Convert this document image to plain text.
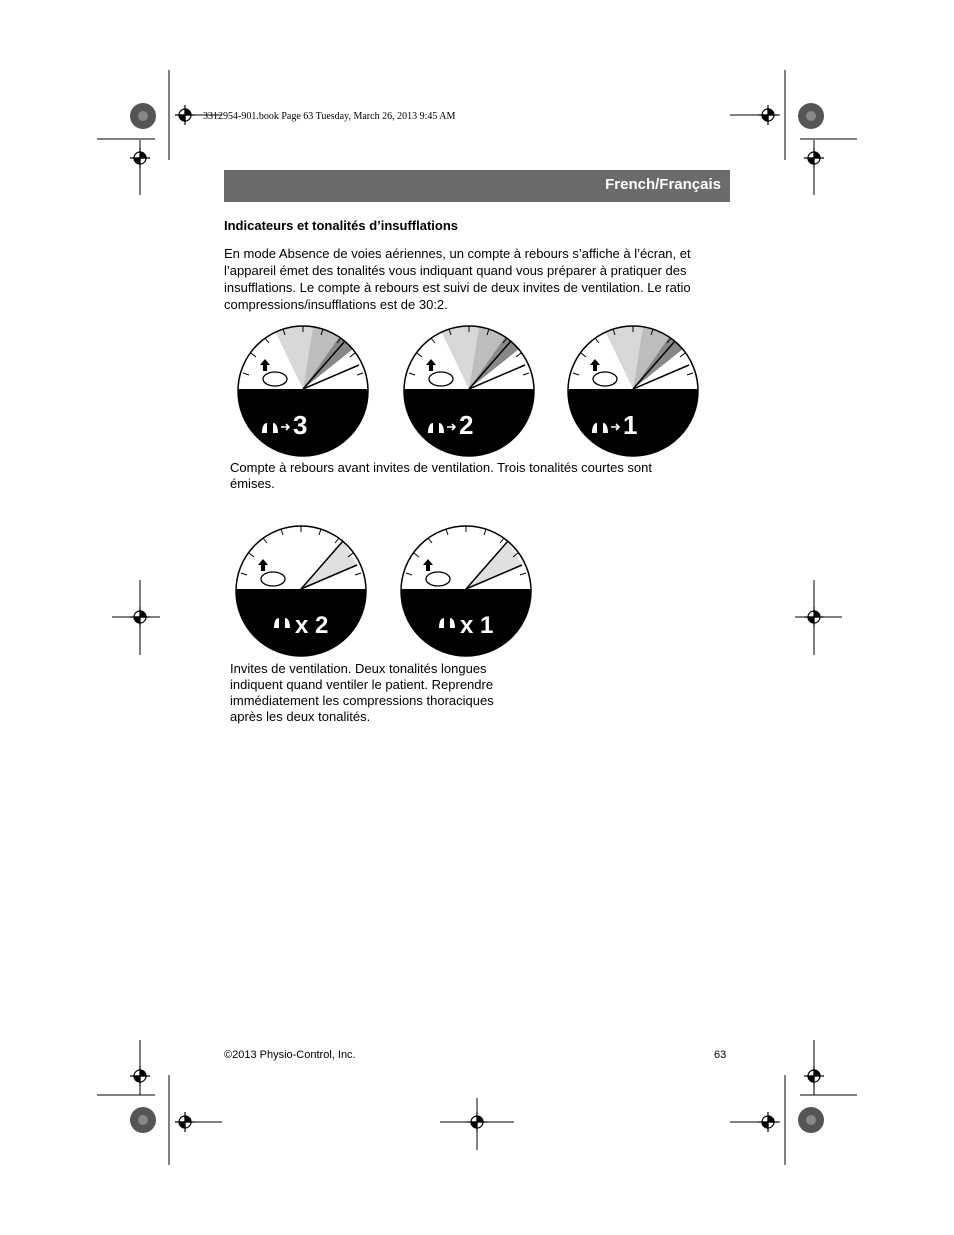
3312954-901.book Page 63 Tuesday, March 26, 2013 9:45 AM
French/Français
Indicateurs et tonalités d’insufflations
En mode Absence de voies aériennes, un compte à rebours s’affiche à l’écran, et
l’appareil émet des tonalités vous indiquant quand vous préparer à pratiquer des
insufflations. Le compte à rebours est suivi de deux invites de ventilation. Le ratio
compressions/insufflations est de 30:2.
3	2	1
Compte à rebours avant invites de ventilation. Trois tonalités courtes sont
émises.
x 2	x 1
Invites de ventilation. Deux tonalités longues
indiquent quand ventiler le patient. Reprendre
immédiatement les compressions thoraciques
après les deux tonalités.
©2013 Physio-Control, Inc.	63
